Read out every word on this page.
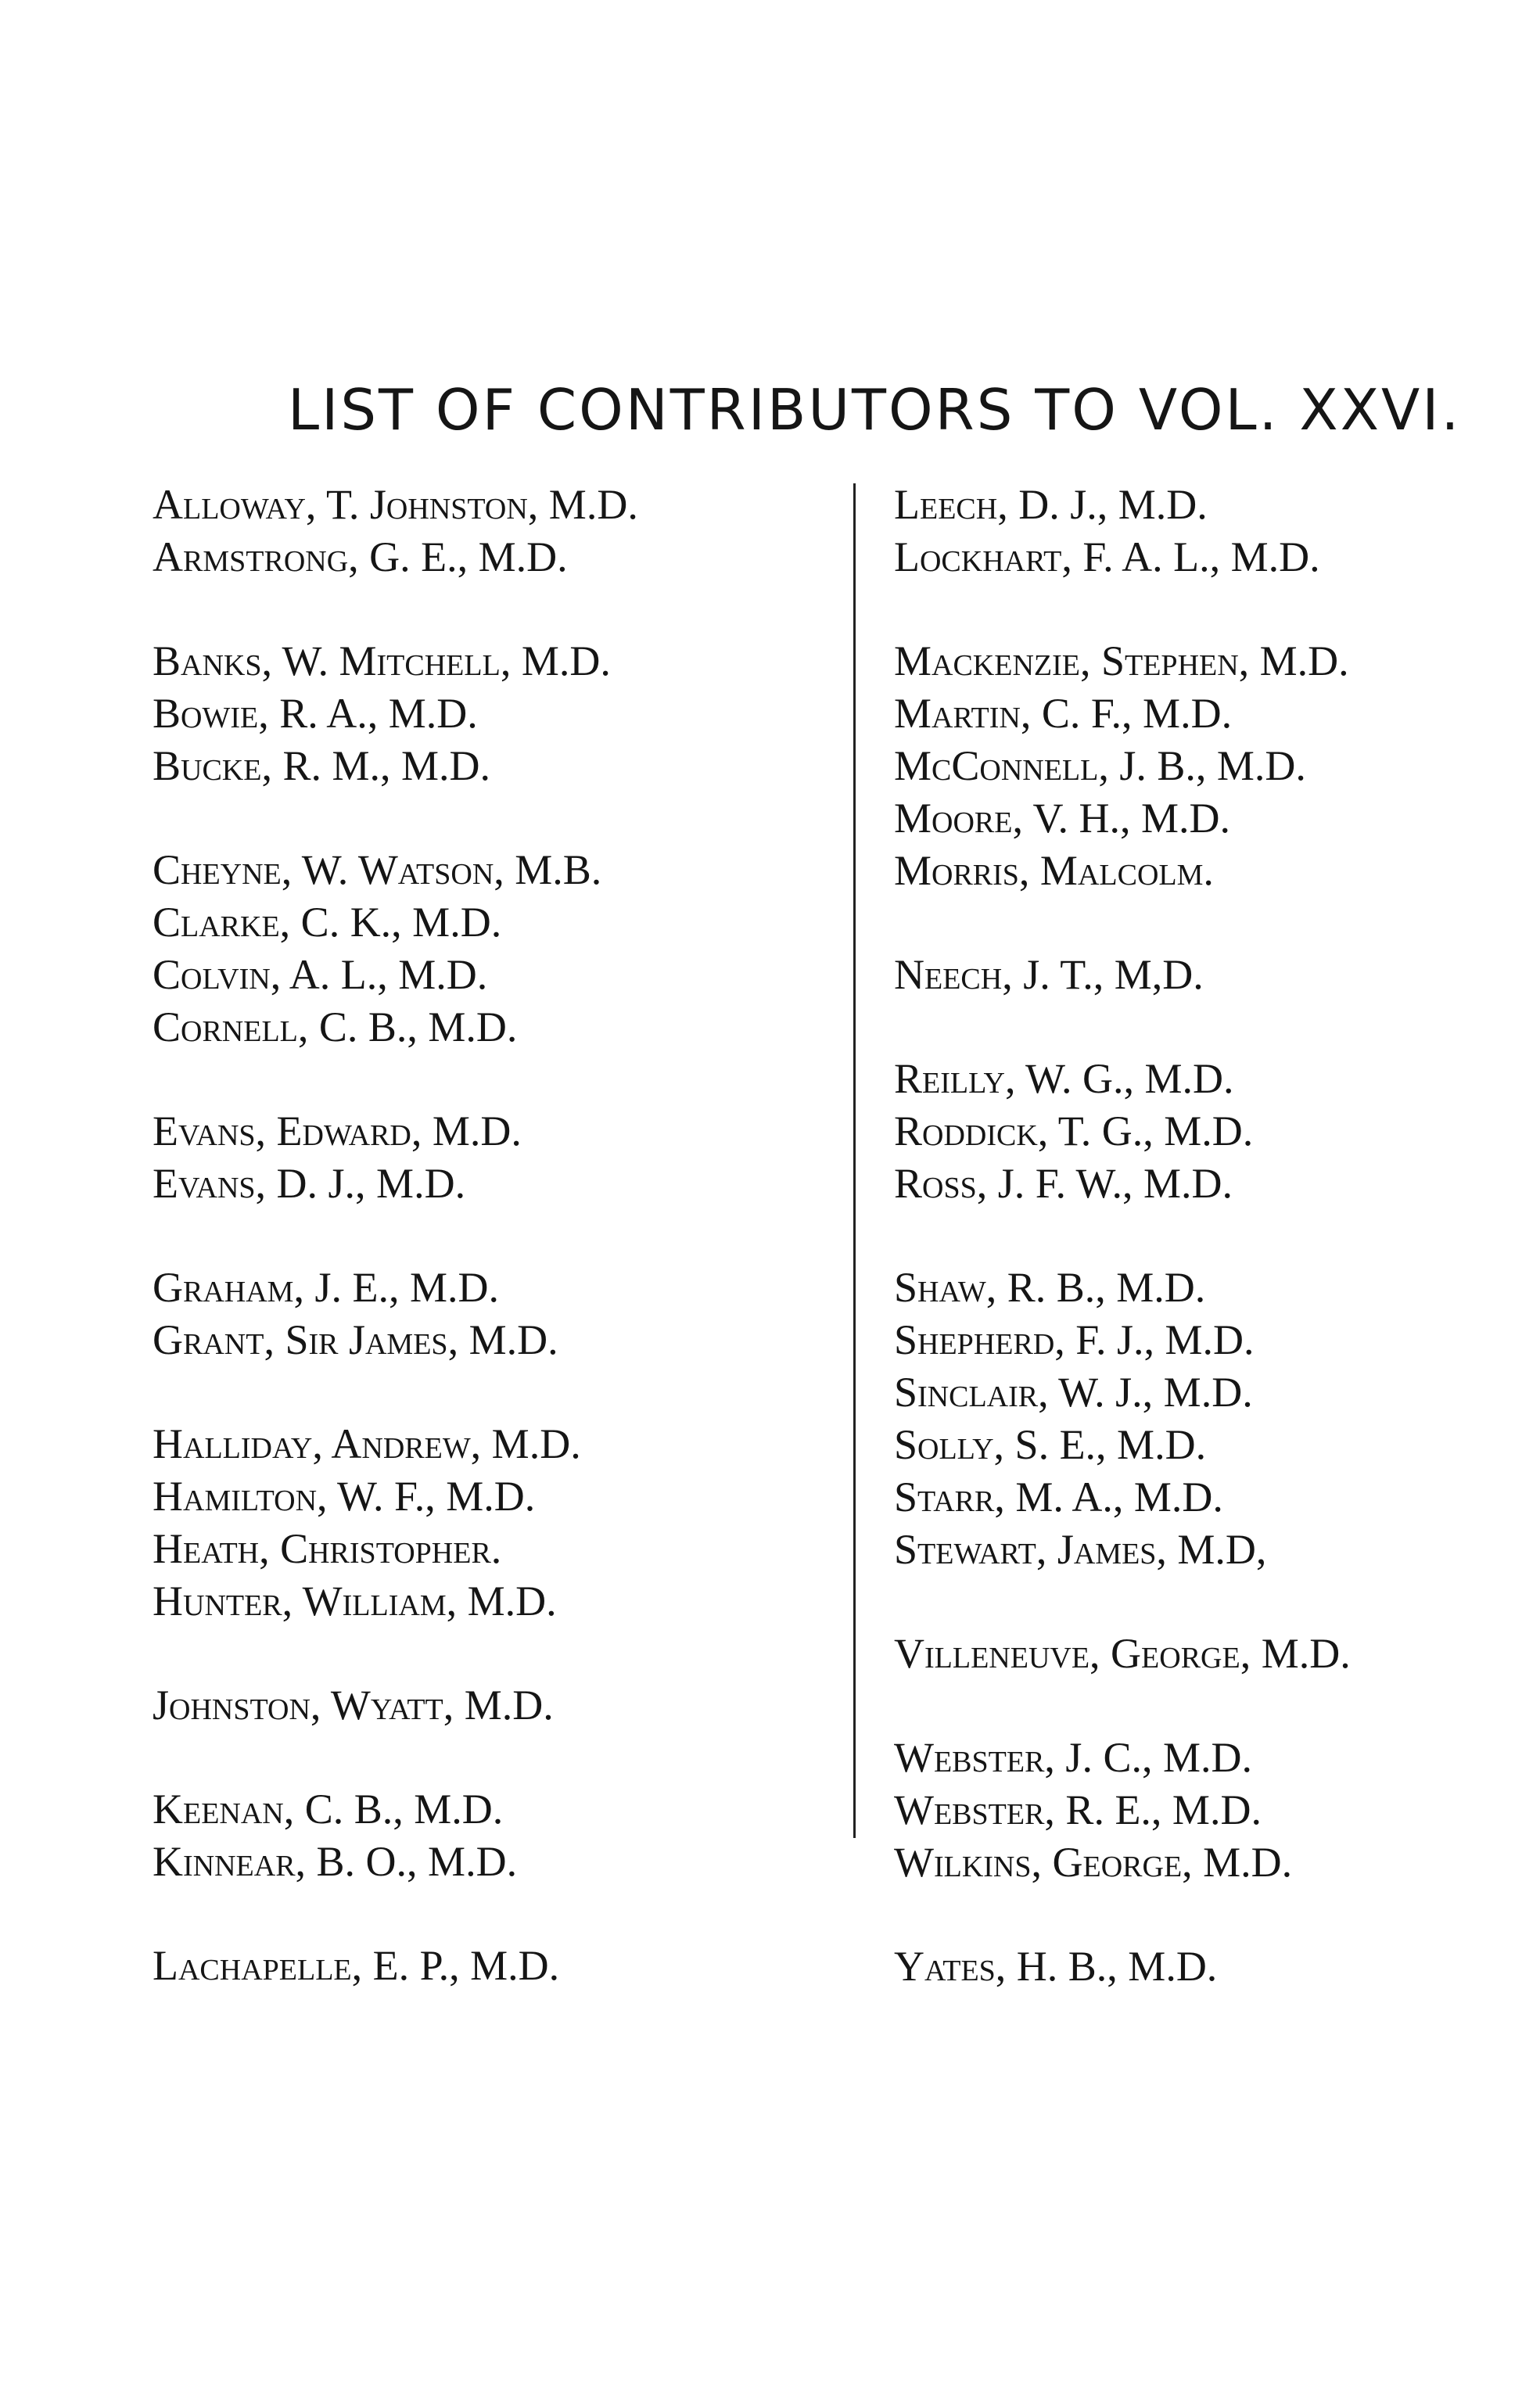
LIST OF CONTRIBUTORS TO VOL. XXVI.
Alloway, T. Johnston, M.D.
Armstrong, G. E., M.D.
Banks, W. Mitchell, M.D.
Bowie, R. A., M.D.
Bucke, R. M., M.D.
Cheyne, W. Watson, M.B.
Clarke, C. K., M.D.
Colvin, A. L., M.D.
Cornell, C. B., M.D.
Evans, Edward, M.D.
Evans, D. J., M.D.
Graham, J. E., M.D.
Grant, Sir James, M.D.
Halliday, Andrew, M.D.
Hamilton, W. F., M.D.
Heath, Christopher.
Hunter, William, M.D.
Johnston, Wyatt, M.D.
Keenan, C. B., M.D.
Kinnear, B. O., M.D.
Lachapelle, E. P., M.D.
Leech, D. J., M.D.
Lockhart, F. A. L., M.D.
Mackenzie, Stephen, M.D.
Martin, C. F., M.D.
McConnell, J. B., M.D.
Moore, V. H., M.D.
Morris, Malcolm.
Neech, J. T., M,D.
Reilly, W. G., M.D.
Roddick, T. G., M.D.
Ross, J. F. W., M.D.
Shaw, R. B., M.D.
Shepherd, F. J., M.D.
Sinclair, W. J., M.D.
Solly, S. E., M.D.
Starr, M. A., M.D.
Stewart, James, M.D,
Villeneuve, George, M.D.
Webster, J. C., M.D.
Webster, R. E., M.D.
Wilkins, George, M.D.
Yates, H. B., M.D.
